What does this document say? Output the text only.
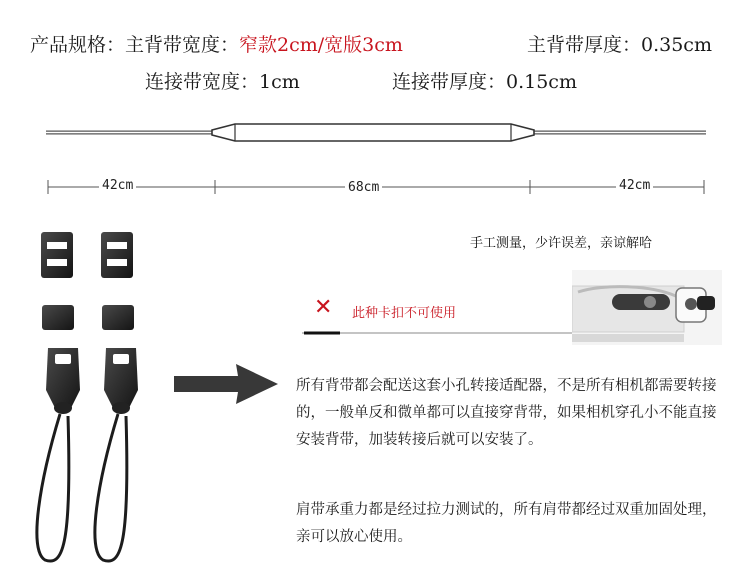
产品规格：主背带宽度：窄款2cm/宽版3cm	主背带厚度：0.35cm
连接带宽度：1cm	连接带厚度：0.15cm
42cm	68cm	42cm
手工测量，少许误差，亲谅解哈
✕ 此种卡扣不可使用
所有背带都会配送这套小孔转接适配器，不是所有相机都需要转接的，一般单反和微单都可以直接穿背带，如果相机穿孔小不能直接安装背带，加装转接后就可以安装了。
肩带承重力都是经过拉力测试的，所有肩带都经过双重加固处理，亲可以放心使用。
